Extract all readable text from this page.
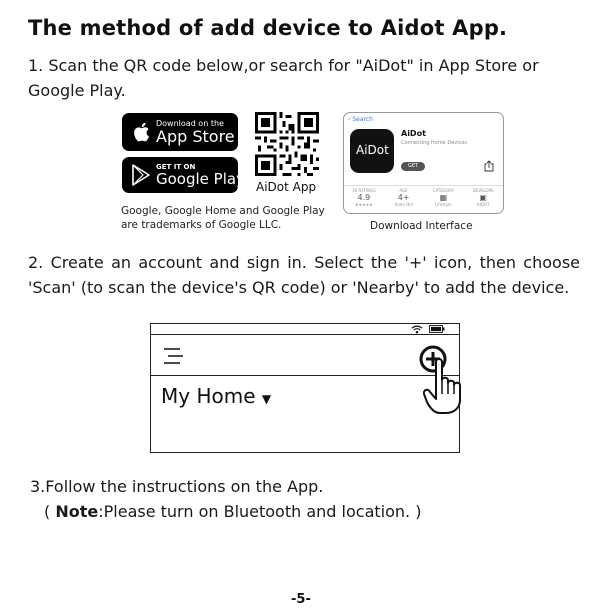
The method of add device to Aidot App.
1. Scan the QR code below,or search for "AiDot" in App Store or Google Play.
Download on the
App Store
GET IT ON
Google Play AiDot App
Google, Google Home and Google Play are trademarks of Google LLC.
‹ Search
AiDot
AiDot
Connecting Home Devices
GET
1K RATINGS
4.9
★★★★★
AGE
4+
Years Old
CATEGORY
▦
Lifestyle
DEVELOPE
▣
AIDOT
Download Interface
2. Create an account and sign in. Select the '+' icon, then choose 'Scan' (to scan the device's QR code) or 'Nearby' to add the device.
My Home ▼
3.Follow the instructions on the App.
( Note:Please turn on Bluetooth and location. )
-5-
